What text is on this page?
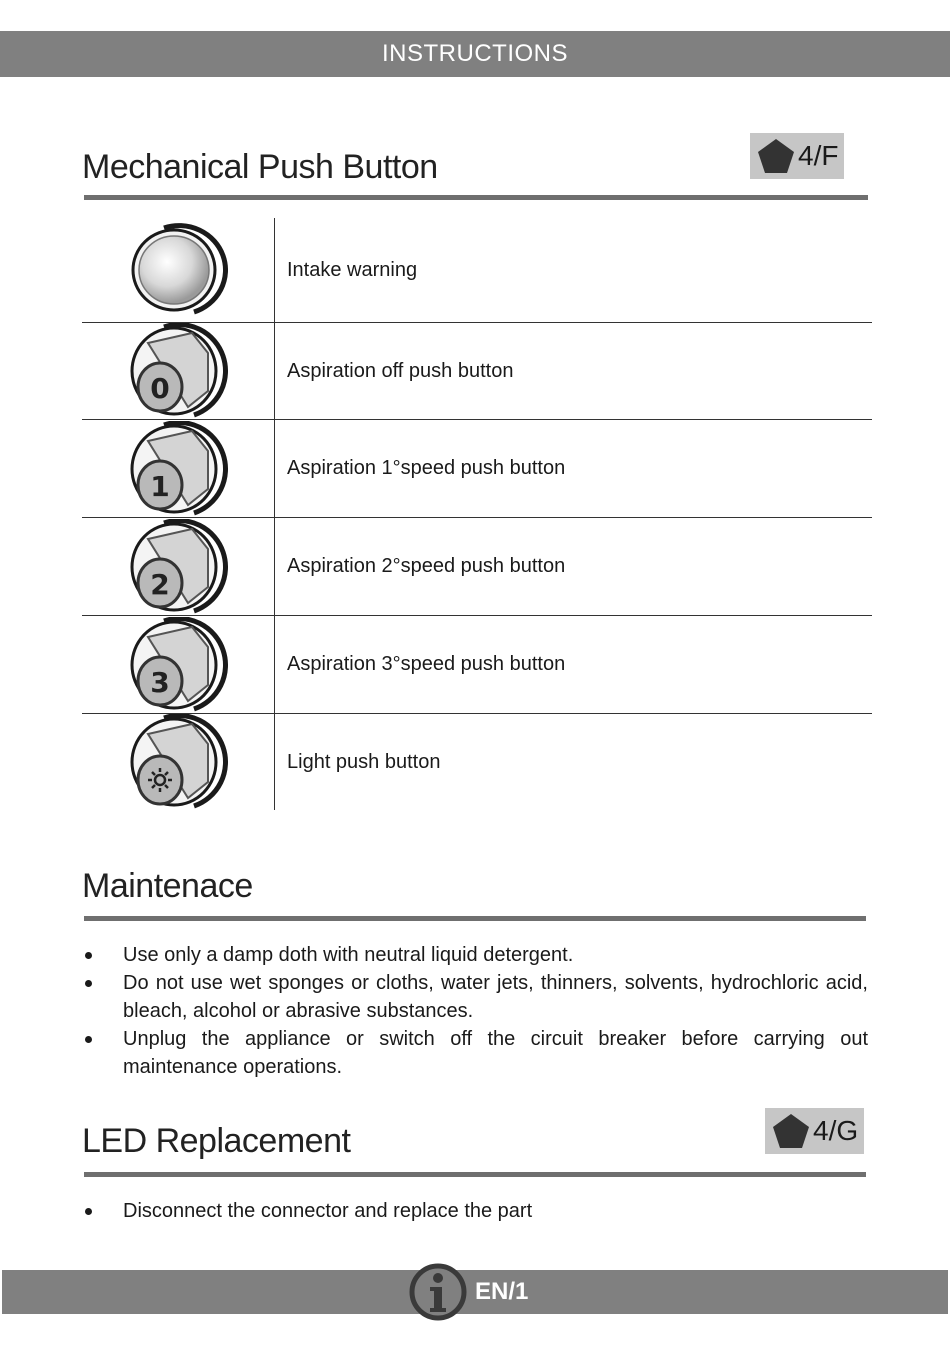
INSTRUCTIONS
Mechanical Push Button	4/F
Intake warning
0
Aspiration off push button
1
Aspiration 1°speed push button
2
Aspiration 2°speed push button
3
Aspiration 3°speed push button
Light push button
Maintenace
Use only a damp doth with neutral liquid detergent.
Do not use wet sponges or cloths, water jets, thinners, solvents, hydrochloric acid, bleach, alcohol or abrasive substances.
Unplug the appliance or switch off the circuit breaker before carrying out maintenance operations.
LED Replacement	4/G
Disconnect the connector and replace the part
EN/1
